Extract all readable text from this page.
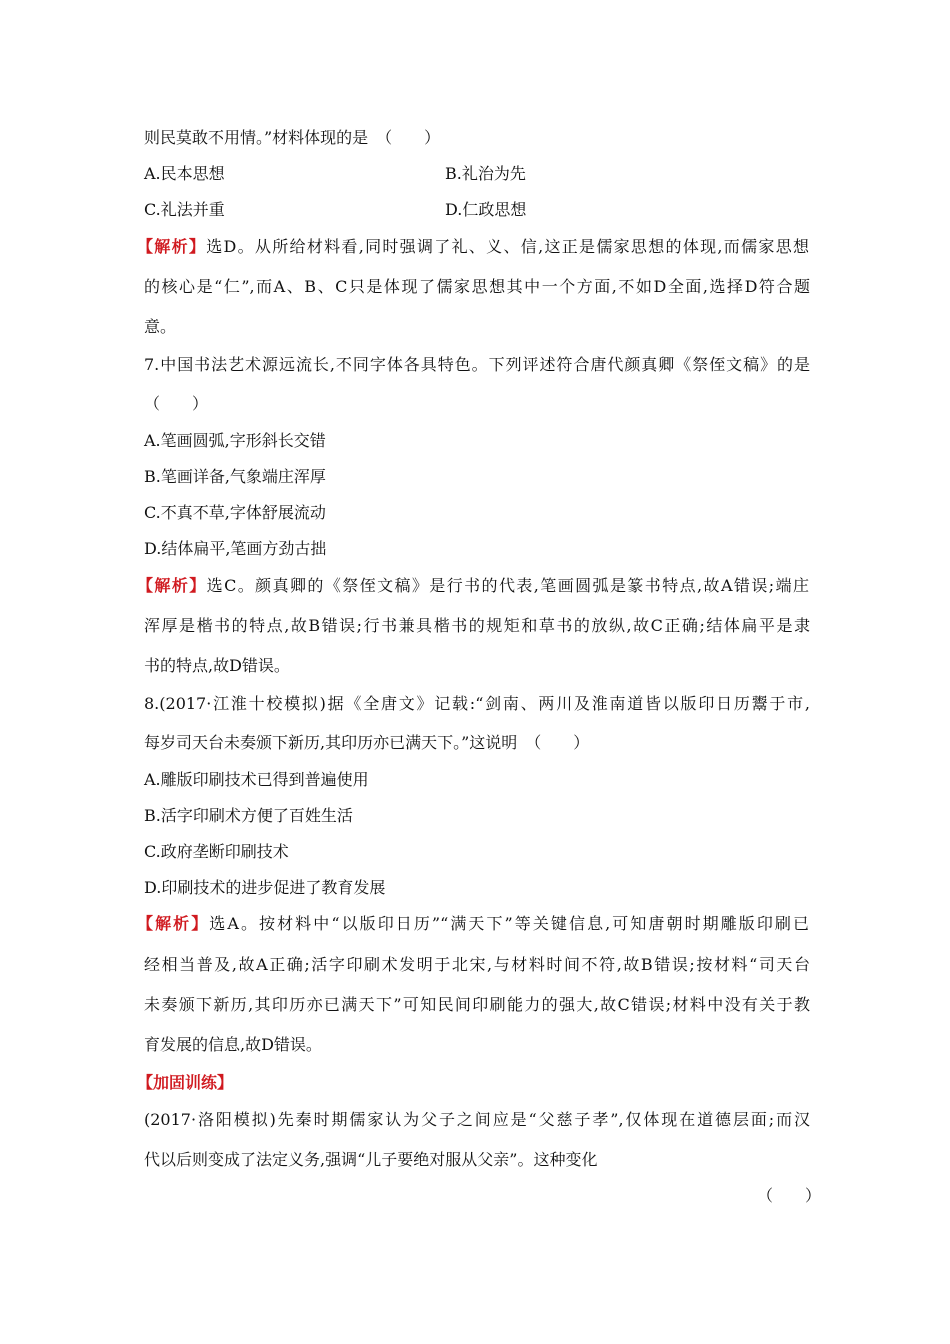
则民莫敢不用情。”材料体现的是　（　　）
A.民本思想	B.礼治为先
C.礼法并重	D.仁政思想
【解析】选D。从所给材料看,同时强调了礼、义、信,这正是儒家思想的体现,而儒家思想
的核心是“仁”,而A、B、C只是体现了儒家思想其中一个方面,不如D全面,选择D符合题
意。
7.中国书法艺术源远流长,不同字体各具特色。下列评述符合唐代颜真卿《祭侄文稿》的是
（　　）
A.笔画圆弧,字形斜长交错
B.笔画详备,气象端庄浑厚
C.不真不草,字体舒展流动
D.结体扁平,笔画方劲古拙
【解析】选C。颜真卿的《祭侄文稿》是行书的代表,笔画圆弧是篆书特点,故A错误;端庄
浑厚是楷书的特点,故B错误;行书兼具楷书的规矩和草书的放纵,故C正确;结体扁平是隶
书的特点,故D错误。
8.(2017·江淮十校模拟)据《全唐文》记载:“剑南、两川及淮南道皆以版印日历鬻于市,
每岁司天台未奏颁下新历,其印历亦已满天下。”这说明　（　　）
A.雕版印刷技术已得到普遍使用
B.活字印刷术方便了百姓生活
C.政府垄断印刷技术
D.印刷技术的进步促进了教育发展
【解析】选A。按材料中“以版印日历”“满天下”等关键信息,可知唐朝时期雕版印刷已
经相当普及,故A正确;活字印刷术发明于北宋,与材料时间不符,故B错误;按材料“司天台
未奏颁下新历,其印历亦已满天下”可知民间印刷能力的强大,故C错误;材料中没有关于教
育发展的信息,故D错误。
【加固训练】
(2017·洛阳模拟)先秦时期儒家认为父子之间应是“父慈子孝”,仅体现在道德层面;而汉
代以后则变成了法定义务,强调“儿子要绝对服从父亲”。这种变化
（　　）
